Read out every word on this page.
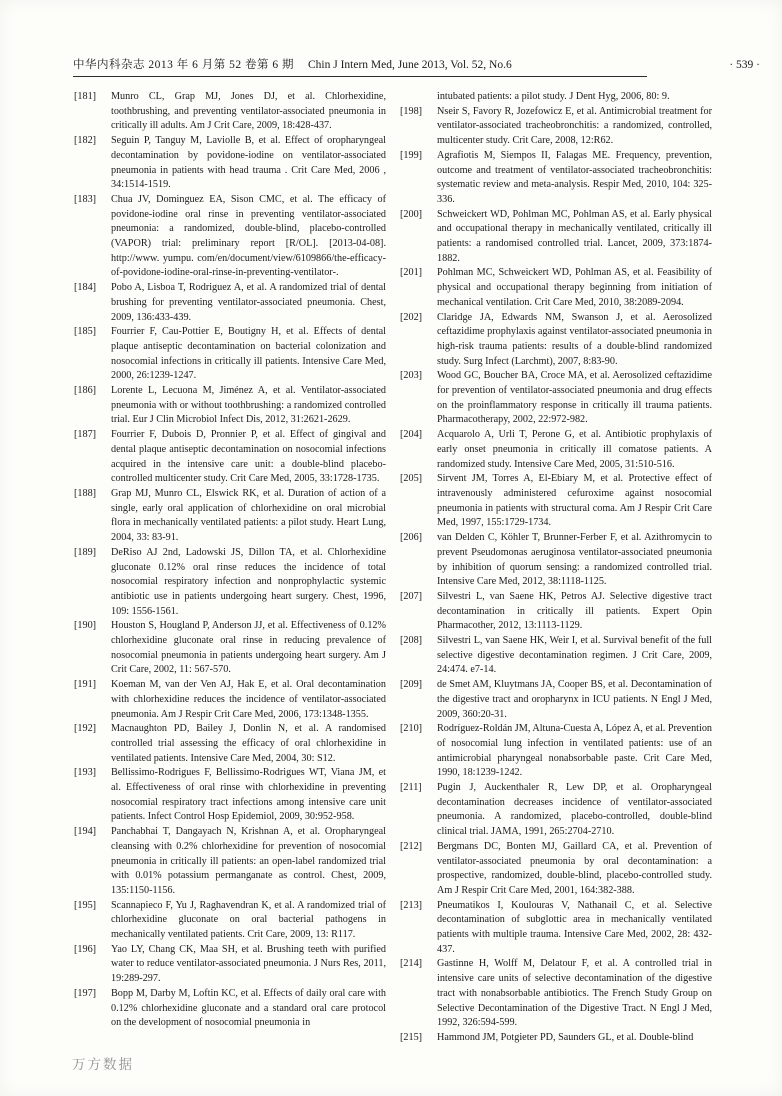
中华内科杂志 2013 年 6 月第 52 卷第 6 期 Chin J Intern Med, June 2013, Vol. 52, No.6	· 539 ·
[181] Munro CL, Grap MJ, Jones DJ, et al. Chlorhexidine, toothbrushing, and preventing ventilator-associated pneumonia in critically ill adults. Am J Crit Care, 2009, 18:428-437.
[182] Seguin P, Tanguy M, Laviolle B, et al. Effect of oropharyngeal decontamination by povidone-iodine on ventilator-associated pneumonia in patients with head trauma . Crit Care Med, 2006 , 34:1514-1519.
[183] Chua JV, Dominguez EA, Sison CMC, et al. The efficacy of povidone-iodine oral rinse in preventing ventilator-associated pneumonia: a randomized, double-blind, placebo-controlled (VAPOR) trial: preliminary report [R/OL]. [2013-04-08]. http://www. yumpu. com/en/document/view/6109866/the-efficacy-of-povidone-iodine-oral-rinse-in-preventing-ventilator-.
[184] Pobo A, Lisboa T, Rodriguez A, et al. A randomized trial of dental brushing for preventing ventilator-associated pneumonia. Chest, 2009, 136:433-439.
[185] Fourrier F, Cau-Pottier E, Boutigny H, et al. Effects of dental plaque antiseptic decontamination on bacterial colonization and nosocomial infections in critically ill patients. Intensive Care Med, 2000, 26:1239-1247.
[186] Lorente L, Lecuona M, Jiménez A, et al. Ventilator-associated pneumonia with or without toothbrushing: a randomized controlled trial. Eur J Clin Microbiol Infect Dis, 2012, 31:2621-2629.
[187] Fourrier F, Dubois D, Pronnier P, et al. Effect of gingival and dental plaque antiseptic decontamination on nosocomial infections acquired in the intensive care unit: a double-blind placebo-controlled multicenter study. Crit Care Med, 2005, 33:1728-1735.
[188] Grap MJ, Munro CL, Elswick RK, et al. Duration of action of a single, early oral application of chlorhexidine on oral microbial flora in mechanically ventilated patients: a pilot study. Heart Lung, 2004, 33: 83-91.
[189] DeRiso AJ 2nd, Ladowski JS, Dillon TA, et al. Chlorhexidine gluconate 0.12% oral rinse reduces the incidence of total nosocomial respiratory infection and nonprophylactic systemic antibiotic use in patients undergoing heart surgery. Chest, 1996, 109: 1556-1561.
[190] Houston S, Hougland P, Anderson JJ, et al. Effectiveness of 0.12% chlorhexidine gluconate oral rinse in reducing prevalence of nosocomial pneumonia in patients undergoing heart surgery. Am J Crit Care, 2002, 11: 567-570.
[191] Koeman M, van der Ven AJ, Hak E, et al. Oral decontamination with chlorhexidine reduces the incidence of ventilator-associated pneumonia. Am J Respir Crit Care Med, 2006, 173:1348-1355.
[192] Macnaughton PD, Bailey J, Donlin N, et al. A randomised controlled trial assessing the efficacy of oral chlorhexidine in ventilated patients. Intensive Care Med, 2004, 30: S12.
[193] Bellissimo-Rodrigues F, Bellissimo-Rodrigues WT, Viana JM, et al. Effectiveness of oral rinse with chlorhexidine in preventing nosocomial respiratory tract infections among intensive care unit patients. Infect Control Hosp Epidemiol, 2009, 30:952-958.
[194] Panchabhai T, Dangayach N, Krishnan A, et al. Oropharyngeal cleansing with 0.2% chlorhexidine for prevention of nosocomial pneumonia in critically ill patients: an open-label randomized trial with 0.01% potassium permanganate as control. Chest, 2009, 135:1150-1156.
[195] Scannapieco F, Yu J, Raghavendran K, et al. A randomized trial of chlorhexidine gluconate on oral bacterial pathogens in mechanically ventilated patients. Crit Care, 2009, 13: R117.
[196] Yao LY, Chang CK, Maa SH, et al. Brushing teeth with purified water to reduce ventilator-associated pneumonia. J Nurs Res, 2011, 19:289-297.
[197] Bopp M, Darby M, Loftin KC, et al. Effects of daily oral care with 0.12% chlorhexidine gluconate and a standard oral care protocol on the development of nosocomial pneumonia in
intubated patients: a pilot study. J Dent Hyg, 2006, 80: 9.
[198] Nseir S, Favory R, Jozefowicz E, et al. Antimicrobial treatment for ventilator-associated tracheobronchitis: a randomized, controlled, multicenter study. Crit Care, 2008, 12:R62.
[199] Agrafiotis M, Siempos II, Falagas ME. Frequency, prevention, outcome and treatment of ventilator-associated tracheobronchitis: systematic review and meta-analysis. Respir Med, 2010, 104: 325-336.
[200] Schweickert WD, Pohlman MC, Pohlman AS, et al. Early physical and occupational therapy in mechanically ventilated, critically ill patients: a randomised controlled trial. Lancet, 2009, 373:1874-1882.
[201] Pohlman MC, Schweickert WD, Pohlman AS, et al. Feasibility of physical and occupational therapy beginning from initiation of mechanical ventilation. Crit Care Med, 2010, 38:2089-2094.
[202] Claridge JA, Edwards NM, Swanson J, et al. Aerosolized ceftazidime prophylaxis against ventilator-associated pneumonia in high-risk trauma patients: results of a double-blind randomized study. Surg Infect (Larchmt), 2007, 8:83-90.
[203] Wood GC, Boucher BA, Croce MA, et al. Aerosolized ceftazidime for prevention of ventilator-associated pneumonia and drug effects on the proinflammatory response in critically ill trauma patients. Pharmacotherapy, 2002, 22:972-982.
[204] Acquarolo A, Urli T, Perone G, et al. Antibiotic prophylaxis of early onset pneumonia in critically ill comatose patients. A randomized study. Intensive Care Med, 2005, 31:510-516.
[205] Sirvent JM, Torres A, El-Ebiary M, et al. Protective effect of intravenously administered cefuroxime against nosocomial pneumonia in patients with structural coma. Am J Respir Crit Care Med, 1997, 155:1729-1734.
[206] van Delden C, Köhler T, Brunner-Ferber F, et al. Azithromycin to prevent Pseudomonas aeruginosa ventilator-associated pneumonia by inhibition of quorum sensing: a randomized controlled trial. Intensive Care Med, 2012, 38:1118-1125.
[207] Silvestri L, van Saene HK, Petros AJ. Selective digestive tract decontamination in critically ill patients. Expert Opin Pharmacother, 2012, 13:1113-1129.
[208] Silvestri L, van Saene HK, Weir I, et al. Survival benefit of the full selective digestive decontamination regimen. J Crit Care, 2009, 24:474. e7-14.
[209] de Smet AM, Kluytmans JA, Cooper BS, et al. Decontamination of the digestive tract and oropharynx in ICU patients. N Engl J Med, 2009, 360:20-31.
[210] Rodríguez-Roldán JM, Altuna-Cuesta A, López A, et al. Prevention of nosocomial lung infection in ventilated patients: use of an antimicrobial pharyngeal nonabsorbable paste. Crit Care Med, 1990, 18:1239-1242.
[211] Pugin J, Auckenthaler R, Lew DP, et al. Oropharyngeal decontamination decreases incidence of ventilator-associated pneumonia. A randomized, placebo-controlled, double-blind clinical trial. JAMA, 1991, 265:2704-2710.
[212] Bergmans DC, Bonten MJ, Gaillard CA, et al. Prevention of ventilator-associated pneumonia by oral decontamination: a prospective, randomized, double-blind, placebo-controlled study. Am J Respir Crit Care Med, 2001, 164:382-388.
[213] Pneumatikos I, Koulouras V, Nathanail C, et al. Selective decontamination of subglottic area in mechanically ventilated patients with multiple trauma. Intensive Care Med, 2002, 28: 432-437.
[214] Gastinne H, Wolff M, Delatour F, et al. A controlled trial in intensive care units of selective decontamination of the digestive tract with nonabsorbable antibiotics. The French Study Group on Selective Decontamination of the Digestive Tract. N Engl J Med, 1992, 326:594-599.
[215] Hammond JM, Potgieter PD, Saunders GL, et al. Double-blind
万方数据
